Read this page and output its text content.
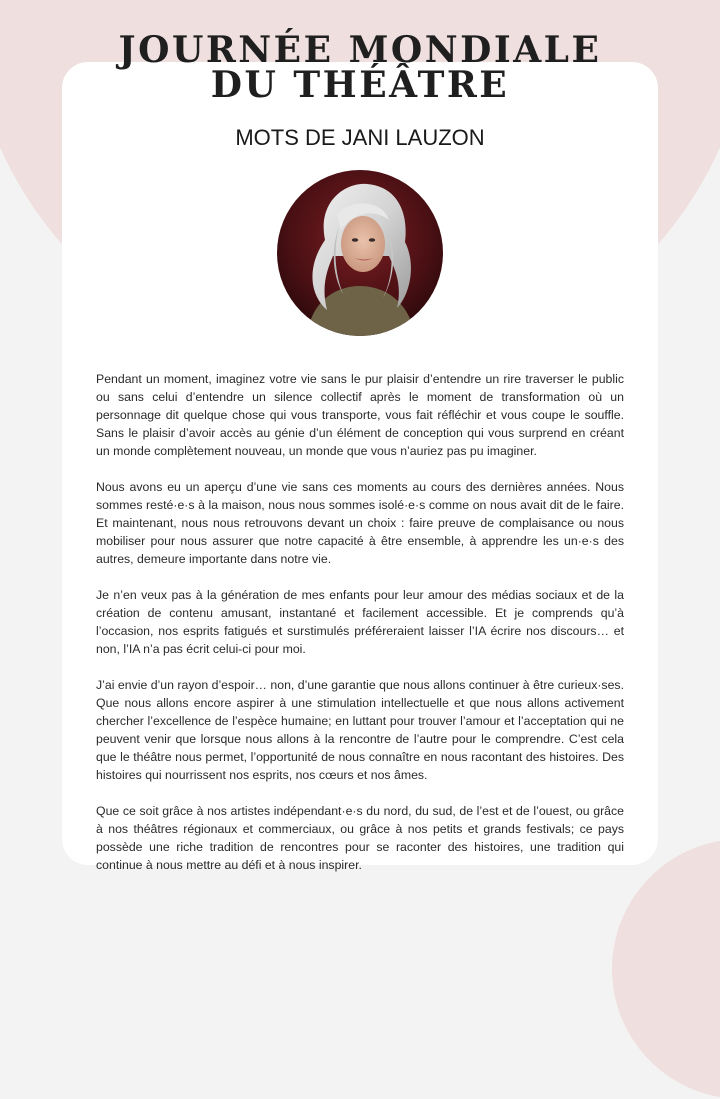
JOURNÉE MONDIALE
DU THÉÂTRE
MOTS DE JANI LAUZON

Pendant un moment, imaginez votre vie sans le pur plaisir d’entendre un rire traverser le public ou sans celui d’entendre un silence collectif après le moment de transformation où un personnage dit quelque chose qui vous transporte, vous fait réfléchir et vous coupe le souffle. Sans le plaisir d’avoir accès au génie d’un élément de conception qui vous surprend en créant un monde complètement nouveau, un monde que vous n’auriez pas pu imaginer.

Nous avons eu un aperçu d’une vie sans ces moments au cours des dernières années. Nous sommes resté·e·s à la maison, nous nous sommes isolé·e·s comme on nous avait dit de le faire. Et maintenant, nous nous retrouvons devant un choix : faire preuve de complaisance ou nous mobiliser pour nous assurer que notre capacité à être ensemble, à apprendre les un·e·s des autres, demeure importante dans notre vie.

Je n’en veux pas à la génération de mes enfants pour leur amour des médias sociaux et de la création de contenu amusant, instantané et facilement accessible. Et je comprends qu’à l’occasion, nos esprits fatigués et surstimulés préféreraient laisser l’IA écrire nos discours… et non, l’IA n’a pas écrit celui-ci pour moi.

J’ai envie d’un rayon d’espoir… non, d’une garantie que nous allons continuer à être curieux·ses. Que nous allons encore aspirer à une stimulation intellectuelle et que nous allons activement chercher l’excellence de l’espèce humaine; en luttant pour trouver l’amour et l’acceptation qui ne peuvent venir que lorsque nous allons à la rencontre de l’autre pour le comprendre. C’est cela que le théâtre nous permet, l’opportunité de nous connaître en nous racontant des histoires. Des histoires qui nourrissent nos esprits, nos cœurs et nos âmes.

Que ce soit grâce à nos artistes indépendant·e·s du nord, du sud, de l’est et de l’ouest, ou grâce à nos théâtres régionaux et commerciaux, ou grâce à nos petits et grands festivals; ce pays possède une riche tradition de rencontres pour se raconter des histoires, une tradition qui continue à nous mettre au défi et à nous inspirer.
